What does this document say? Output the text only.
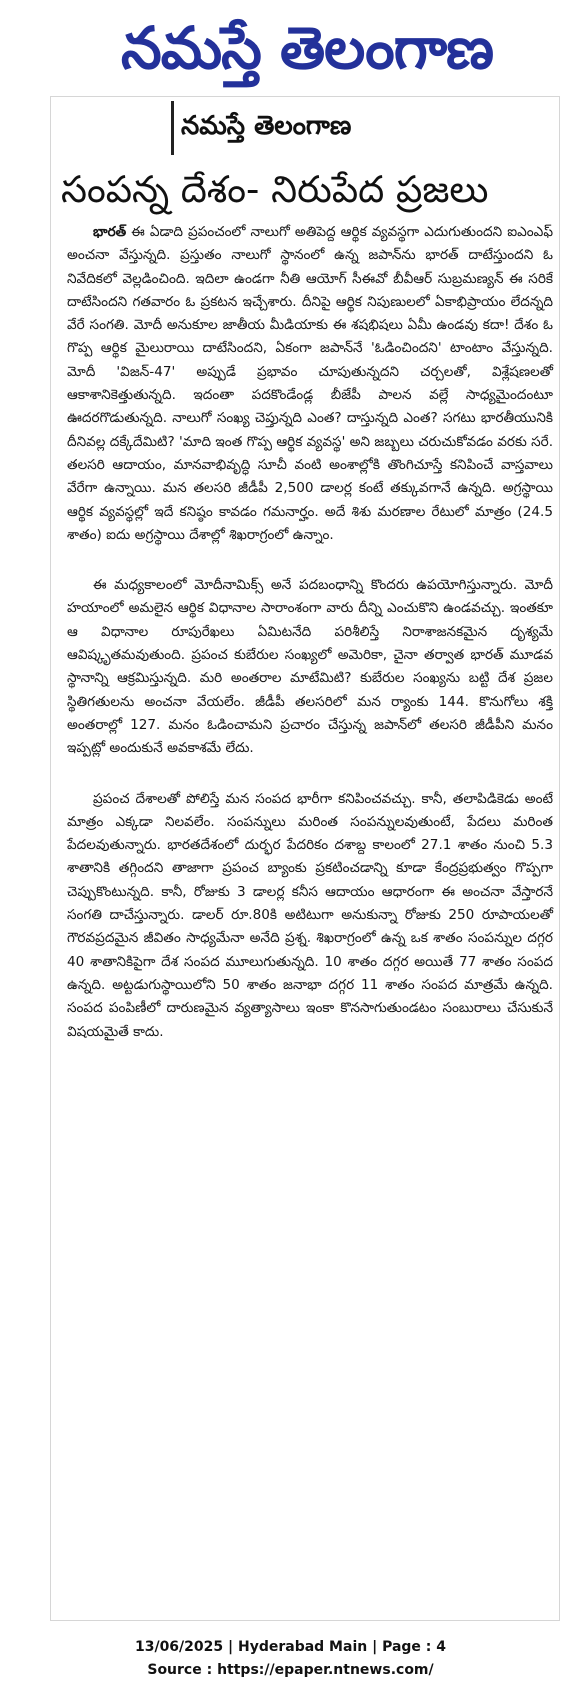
నమస్తే తెలంగాణ
నమస్తే తెలంగాణ
సంపన్న దేశం- నిరుపేద ప్రజలు

భారత్ ఈ ఏడాది ప్రపంచంలో నాలుగో అతిపెద్ద ఆర్థిక వ్యవస్థగా ఎదుగుతుందని ఐఎంఎఫ్ అంచనా వేస్తున్నది. ప్రస్తుతం నాలుగో స్థానంలో ఉన్న జపాన్‌ను భారత్ దాటేస్తుందని ఓ నివేదికలో వెల్లడించింది. ఇదిలా ఉండగా నీతి ఆయోగ్ సీఈవో బీవీఆర్ సుబ్రమణ్యన్ ఈ సరికే దాటేసిందని గతవారం ఓ ప్రకటన ఇచ్చేశారు. దీనిపై ఆర్థిక నిపుణులలో ఏకాభిప్రాయం లేదన్నది వేరే సంగతి. మోదీ అనుకూల జాతీయ మీడియాకు ఈ శషభిషలు ఏమీ ఉండవు కదా! దేశం ఓ గొప్ప ఆర్థిక మైలురాయి దాటేసిందని, ఏకంగా జపాన్‌నే 'ఓడించిందని' టాంటాం వేస్తున్నది. మోదీ 'విజన్-47' అప్పుడే ప్రభావం చూపుతున్నదని చర్చలతో, విశ్లేషణలతో ఆకాశానికెత్తుతున్నది. ఇదంతా పదకొండేండ్ల బీజేపీ పాలన వల్లే సాధ్యమైందంటూ ఊదరగొడుతున్నది. నాలుగో సంఖ్య చెప్తున్నది ఎంత? దాస్తున్నది ఎంత? సగటు భారతీయునికి దీనివల్ల దక్కేదేమిటి? 'మాది ఇంత గొప్ప ఆర్థిక వ్యవస్థ' అని జబ్బలు చరుచుకోవడం వరకు సరే. తలసరి ఆదాయం, మానవాభివృద్ధి సూచీ వంటి అంశాల్లోకి తొంగిచూస్తే కనిపించే వాస్తవాలు వేరేగా ఉన్నాయి. మన తలసరి జీడీపీ 2,500 డాలర్ల కంటే తక్కువగానే ఉన్నది. అగ్రస్థాయి ఆర్థిక వ్యవస్థల్లో ఇదే కనిష్ఠం కావడం గమనార్హం. అదే శిశు మరణాల రేటులో మాత్రం (24.5 శాతం) ఐదు అగ్రస్థాయి దేశాల్లో శిఖరాగ్రంలో ఉన్నాం.

ఈ మధ్యకాలంలో మోదీనామిక్స్ అనే పదబంధాన్ని కొందరు ఉపయోగిస్తున్నారు. మోదీ హయాంలో అమలైన ఆర్థిక విధానాల సారాంశంగా వారు దీన్ని ఎంచుకొని ఉండవచ్చు. ఇంతకూ ఆ విధానాల రూపురేఖలు ఏమిటనేది పరిశీలిస్తే నిరాశాజనకమైన దృశ్యమే ఆవిష్కృతమవుతుంది. ప్రపంచ కుబేరుల సంఖ్యలో అమెరికా, చైనా తర్వాత భారత్ మూడవ స్థానాన్ని ఆక్రమిస్తున్నది. మరి అంతరాల మాటేమిటి? కుబేరుల సంఖ్యను బట్టి దేశ ప్రజల స్థితిగతులను అంచనా వేయలేం. జీడీపీ తలసరిలో మన ర్యాంకు 144. కొనుగోలు శక్తి అంతరాల్లో 127. మనం ఓడించామని ప్రచారం చేస్తున్న జపాన్‌లో తలసరి జీడీపీని మనం ఇప్పట్లో అందుకునే అవకాశమే లేదు.

ప్రపంచ దేశాలతో పోలిస్తే మన సంపద భారీగా కనిపించవచ్చు. కానీ, తలాపిడికెడు అంటే మాత్రం ఎక్కడా నిలవలేం. సంపన్నులు మరింత సంపన్నులవుతుంటే, పేదలు మరింత పేదలవుతున్నారు. భారతదేశంలో దుర్భర పేదరికం దశాబ్ద కాలంలో 27.1 శాతం నుంచి 5.3 శాతానికి తగ్గిందని తాజాగా ప్రపంచ బ్యాంకు ప్రకటించడాన్ని కూడా కేంద్రప్రభుత్వం గొప్పగా చెప్పుకొంటున్నది. కానీ, రోజుకు 3 డాలర్ల కనీస ఆదాయం ఆధారంగా ఈ అంచనా వేస్తారనే సంగతి దాచేస్తున్నారు. డాలర్ రూ.80కి అటిటుగా అనుకున్నా రోజుకు 250 రూపాయలతో గౌరవప్రదమైన జీవితం సాధ్యమేనా అనేది ప్రశ్న. శిఖరాగ్రంలో ఉన్న ఒక శాతం సంపన్నుల దగ్గర 40 శాతానికిపైగా దేశ సంపద మూలుగుతున్నది. 10 శాతం దగ్గర అయితే 77 శాతం సంపద ఉన్నది. అట్టడుగుస్థాయిలోని 50 శాతం జనాభా దగ్గర 11 శాతం సంపద మాత్రమే ఉన్నది. సంపద పంపిణీలో దారుణమైన వ్యత్యాసాలు ఇంకా కొనసాగుతుండటం సంబురాలు చేసుకునే విషయమైతే కాదు.

13/06/2025 | Hyderabad Main | Page : 4
Source : https://epaper.ntnews.com/
